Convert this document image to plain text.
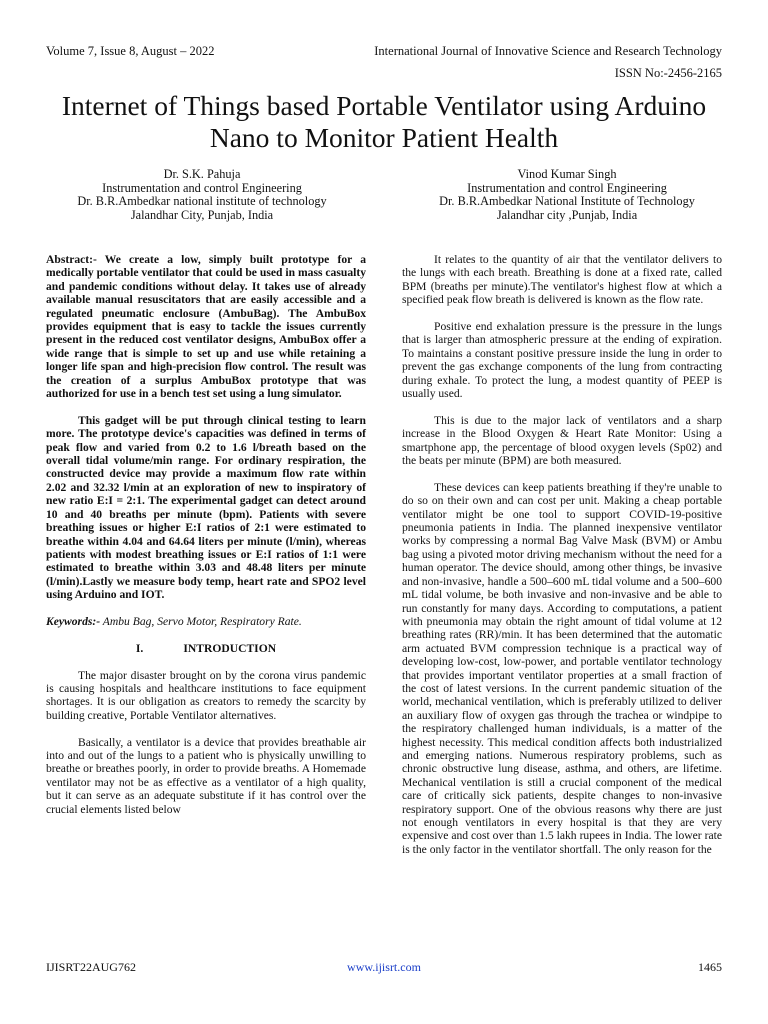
Volume 7, Issue 8, August – 2022	International Journal of Innovative Science and Research Technology
ISSN No:-2456-2165
Internet of Things based Portable Ventilator using Arduino Nano to Monitor Patient Health
Dr. S.K. Pahuja
Instrumentation and control Engineering
Dr. B.R.Ambedkar national institute of technology
Jalandhar City, Punjab, India
Vinod Kumar Singh
Instrumentation and control Engineering
Dr. B.R.Ambedkar National Institute of Technology
Jalandhar city ,Punjab, India

Abstract:- We create a low, simply built prototype for a medically portable ventilator that could be used in mass casualty and pandemic conditions without delay. It takes use of already available manual resuscitators that are easily accessible and a regulated pneumatic enclosure (AmbuBag). The AmbuBox provides equipment that is easy to tackle the issues currently present in the reduced cost ventilator designs, AmbuBox offer a wide range that is simple to set up and use while retaining a longer life span and high-precision flow control. The result was the creation of a surplus AmbuBox prototype that was authorized for use in a bench test set using a lung simulator.

This gadget will be put through clinical testing to learn more. The prototype device's capacities was defined in terms of peak flow and varied from 0.2 to 1.6 l/breath based on the overall tidal volume/min range. For ordinary respiration, the constructed device may provide a maximum flow rate within 2.02 and 32.32 l/min at an exploration of new to inspiratory of new ratio E:I = 2:1. The experimental gadget can detect around 10 and 40 breaths per minute (bpm). Patients with severe breathing issues or higher E:I ratios of 2:1 were estimated to breathe within 4.04 and 64.64 liters per minute (l/min), whereas patients with modest breathing issues or E:I ratios of 1:1 were estimated to breathe within 3.03 and 48.48 liters per minute (l/min).Lastly we measure body temp, heart rate and SPO2 level using Arduino and IOT.

Keywords:- Ambu Bag, Servo Motor, Respiratory Rate.

I.	INTRODUCTION

The major disaster brought on by the corona virus pandemic is causing hospitals and healthcare institutions to face equipment shortages. It is our obligation as creators to remedy the scarcity by building creative, Portable Ventilator alternatives.

Basically, a ventilator is a device that provides breathable air into and out of the lungs to a patient who is physically unwilling to breathe or breathes poorly, in order to provide breaths. A Homemade ventilator may not be as effective as a ventilator of a high quality, but it can serve as an adequate substitute if it has control over the crucial elements listed below

It relates to the quantity of air that the ventilator delivers to the lungs with each breath. Breathing is done at a fixed rate, called BPM (breaths per minute).The ventilator's highest flow at which a specified peak flow breath is delivered is known as the flow rate.

Positive end exhalation pressure is the pressure in the lungs that is larger than atmospheric pressure at the ending of expiration. To maintains a constant positive pressure inside the lung in order to prevent the gas exchange components of the lung from contracting during exhale. To protect the lung, a modest quantity of PEEP is usually used.

This is due to the major lack of ventilators and a sharp increase in the Blood Oxygen & Heart Rate Monitor: Using a smartphone app, the percentage of blood oxygen levels (Sp02) and the beats per minute (BPM) are both measured.

These devices can keep patients breathing if they're unable to do so on their own and can cost per unit. Making a cheap portable ventilator might be one tool to support COVID-19-positive pneumonia patients in India. The planned inexpensive ventilator works by compressing a normal Bag Valve Mask (BVM) or Ambu bag using a pivoted motor driving mechanism without the need for a human operator. The device should, among other things, be invasive and non-invasive, handle a 500–600 mL tidal volume and a 500–600 mL tidal volume, be both invasive and non-invasive and be able to run constantly for many days. According to computations, a patient with pneumonia may obtain the right amount of tidal volume at 12 breathing rates (RR)/min. It has been determined that the automatic arm actuated BVM compression technique is a practical way of developing low-cost, low-power, and portable ventilator technology that provides important ventilator properties at a small fraction of the cost of latest versions. In the current pandemic situation of the world, mechanical ventilation, which is preferably utilized to deliver an auxiliary flow of oxygen gas through the trachea or windpipe to the respiratory challenged human individuals, is a matter of the highest necessity. This medical condition affects both industrialized and emerging nations. Numerous respiratory problems, such as chronic obstructive lung disease, asthma, and others, are lifetime. Mechanical ventilation is still a crucial component of the medical care of critically sick patients, despite changes to non-invasive respiratory support. One of the obvious reasons why there are just not enough ventilators in every hospital is that they are very expensive and cost over than 1.5 lakh rupees in India. The lower rate is the only factor in the ventilator shortfall. The only reason for the

IJISRT22AUG762	www.ijisrt.com	1465
